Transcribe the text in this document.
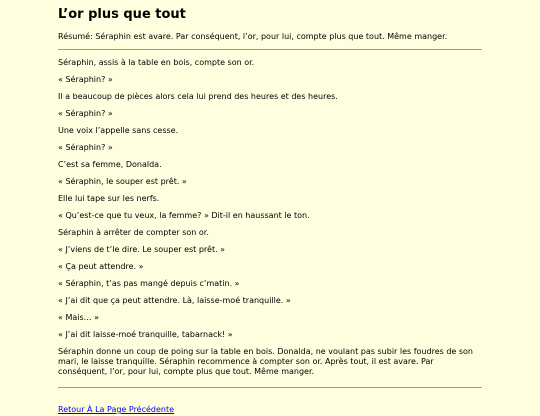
L’or plus que tout

Résumé: Séraphin est avare. Par conséquent, l’or, pour lui, compte plus que tout. Même manger.

Séraphin, assis à la table en bois, compte son or.

« Séraphin? »

Il a beaucoup de pièces alors cela lui prend des heures et des heures.

« Séraphin? »

Une voix l’appelle sans cesse.

« Séraphin? »

C’est sa femme, Donalda.

« Séraphin, le souper est prêt. »

Elle lui tape sur les nerfs.

« Qu’est-ce que tu veux, la femme? » Dit-il en haussant le ton.

Séraphin à arrêter de compter son or.

« J’viens de t’le dire. Le souper est prêt. »

« Ça peut attendre. »

« Séraphin, t’as pas mangé depuis c’matin. »

« J’ai dit que ça peut attendre. Là, laisse-moé tranquille. »

« Mais… »

« J’ai dit laisse-moé tranquille, tabarnack! »

Séraphin donne un coup de poing sur la table en bois. Donalda, ne voulant pas subir les foudres de son mari, le laisse tranquille. Séraphin recommence à compter son or. Après tout, il est avare. Par conséquent, l’or, pour lui, compte plus que tout. Même manger.

Retour À La Page Précédente
